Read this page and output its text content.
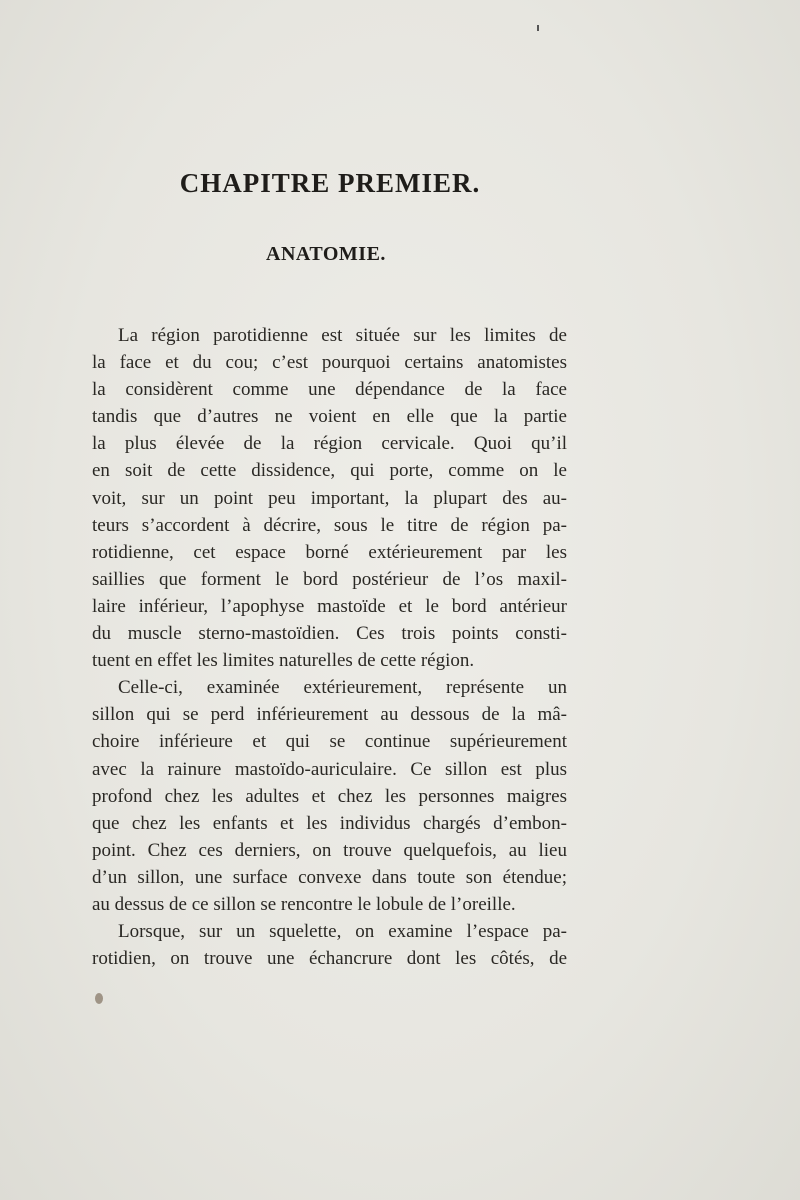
CHAPITRE PREMIER.
ANATOMIE.
La région parotidienne est située sur les limites de
la face et du cou; c’est pourquoi certains anatomistes
la considèrent comme une dépendance de la face
tandis que d’autres ne voient en elle que la partie
la plus élevée de la région cervicale. Quoi qu’il
en soit de cette dissidence, qui porte, comme on le
voit, sur un point peu important, la plupart des au-
teurs s’accordent à décrire, sous le titre de région pa-
rotidienne, cet espace borné extérieurement par les
saillies que forment le bord postérieur de l’os maxil-
laire inférieur, l’apophyse mastoïde et le bord antérieur
du muscle sterno-mastoïdien. Ces trois points consti-
tuent en effet les limites naturelles de cette région.
Celle-ci, examinée extérieurement, représente un
sillon qui se perd inférieurement au dessous de la mâ-
choire inférieure et qui se continue supérieurement
avec la rainure mastoïdo-auriculaire. Ce sillon est plus
profond chez les adultes et chez les personnes maigres
que chez les enfants et les individus chargés d’embon-
point. Chez ces derniers, on trouve quelquefois, au lieu
d’un sillon, une surface convexe dans toute son étendue;
au dessus de ce sillon se rencontre le lobule de l’oreille.
Lorsque, sur un squelette, on examine l’espace pa-
rotidien, on trouve une échancrure dont les côtés, de
